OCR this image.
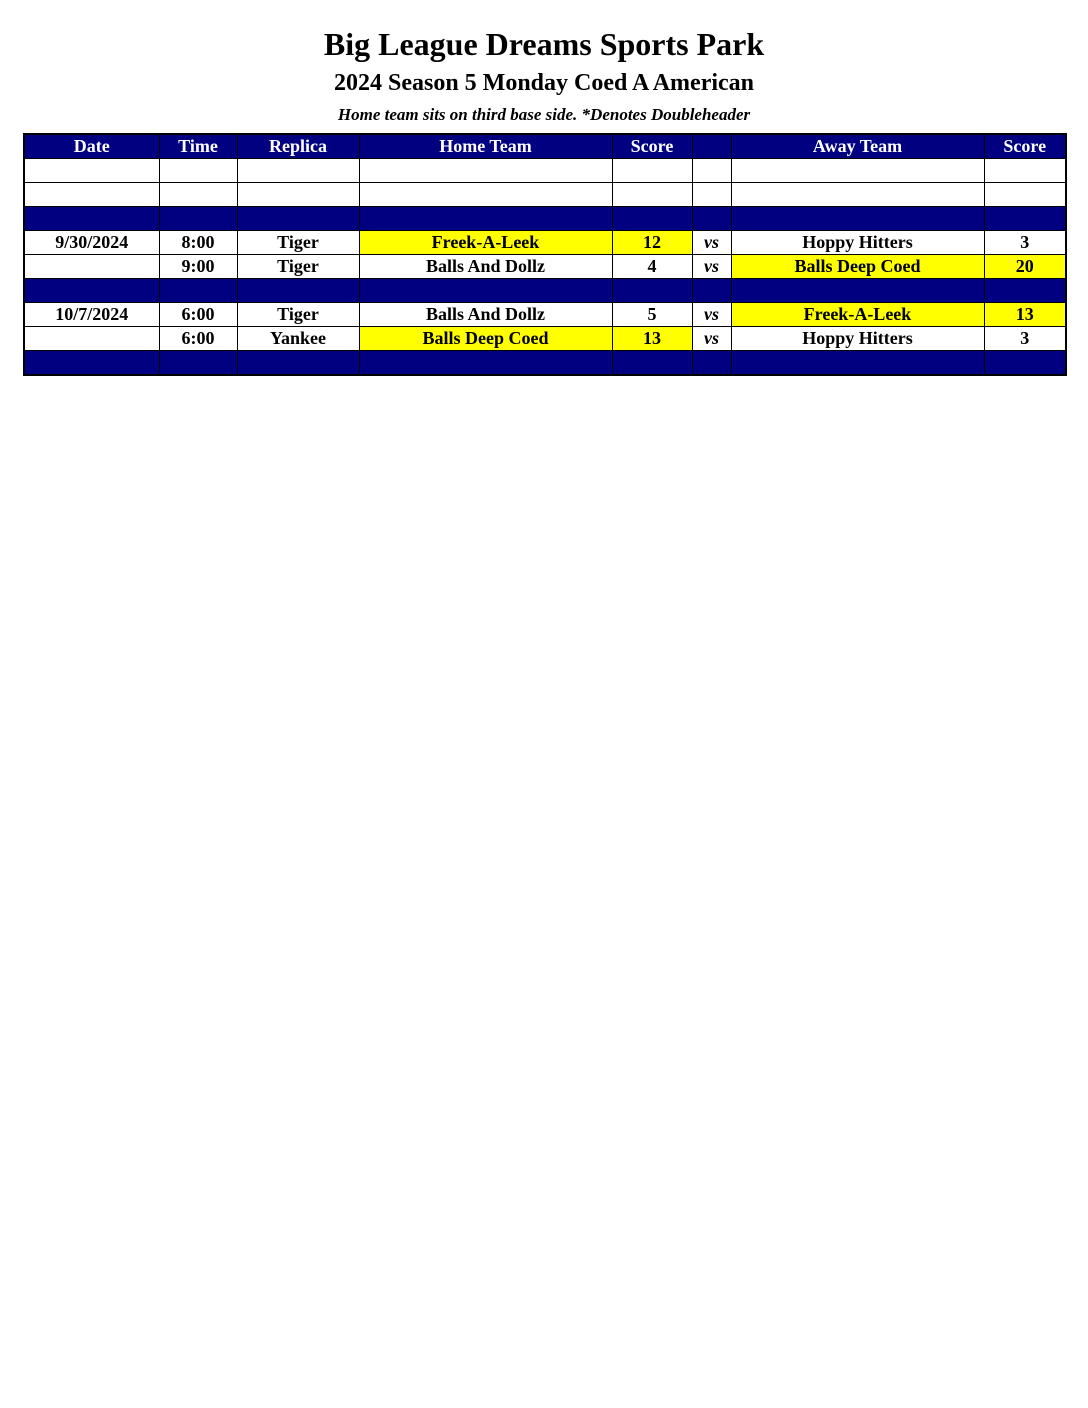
Big League Dreams Sports Park
2024 Season 5 Monday Coed A American
Home team sits on third base side. *Denotes Doubleheader
Date	Time	Replica	Home Team	Score		Away Team	Score

9/30/2024	8:00	Tiger	Freek-A-Leek	12	vs	Hoppy Hitters	3
	9:00	Tiger	Balls And Dollz	4	vs	Balls Deep Coed	20

10/7/2024	6:00	Tiger	Balls And Dollz	5	vs	Freek-A-Leek	13
	6:00	Yankee	Balls Deep Coed	13	vs	Hoppy Hitters	3
